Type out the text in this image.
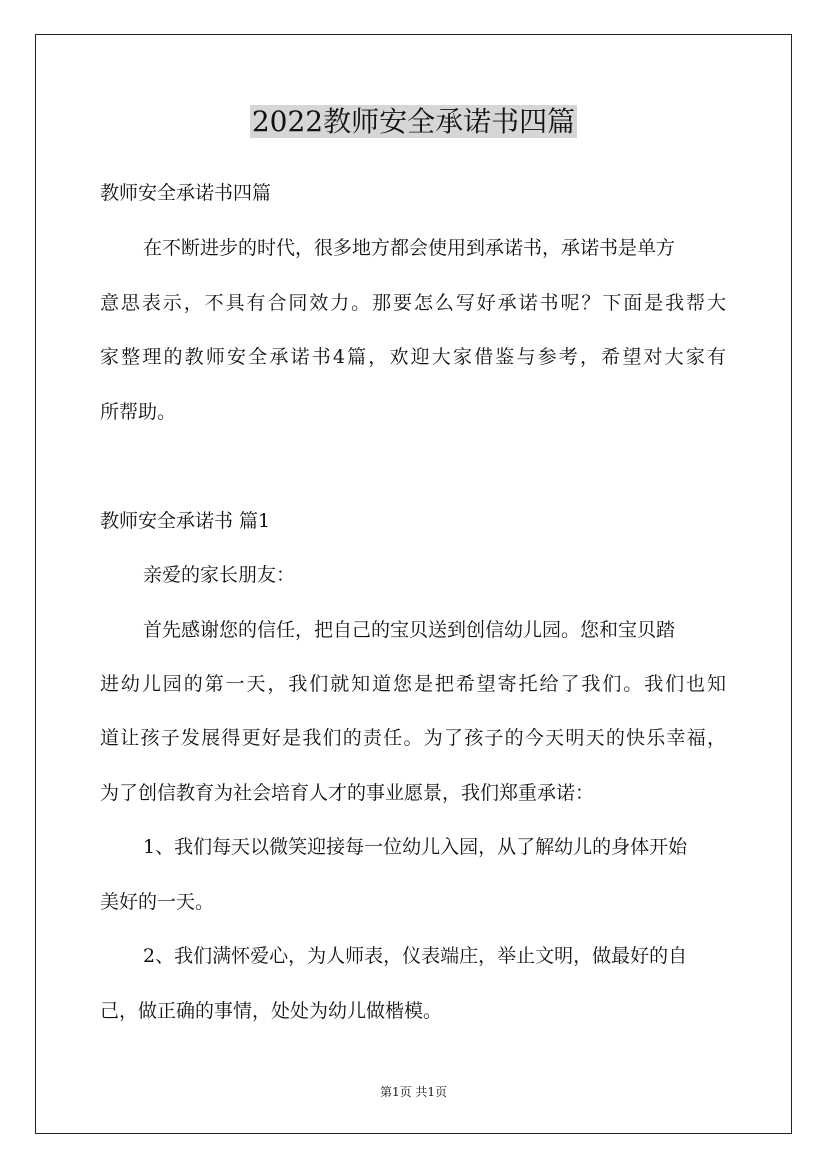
2022教师安全承诺书四篇
教师安全承诺书四篇
在不断进步的时代，很多地方都会使用到承诺书，承诺书是单方
意思表示，不具有合同效力。那要怎么写好承诺书呢？下面是我帮大
家整理的教师安全承诺书4篇，欢迎大家借鉴与参考，希望对大家有
所帮助。
教师安全承诺书 篇1
亲爱的家长朋友：
首先感谢您的信任，把自己的宝贝送到创信幼儿园。您和宝贝踏
进幼儿园的第一天，我们就知道您是把希望寄托给了我们。我们也知
道让孩子发展得更好是我们的责任。为了孩子的今天明天的快乐幸福，
为了创信教育为社会培育人才的事业愿景，我们郑重承诺：
1、我们每天以微笑迎接每一位幼儿入园，从了解幼儿的身体开始
美好的一天。
2、我们满怀爱心，为人师表，仪表端庄，举止文明，做最好的自
己，做正确的事情，处处为幼儿做楷模。
第1页 共1页
